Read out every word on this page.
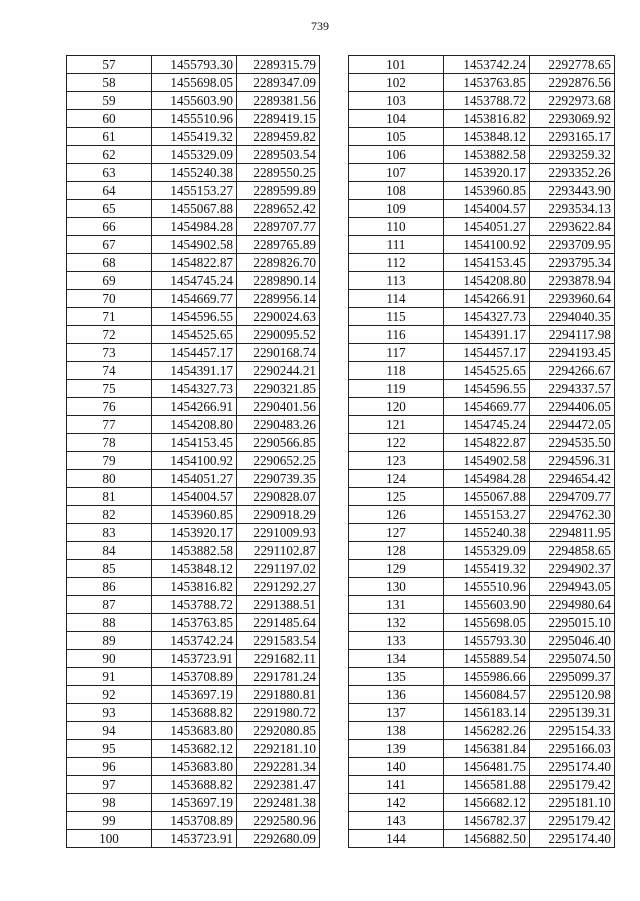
739
57	1455793.30	2289315.79
58	1455698.05	2289347.09
59	1455603.90	2289381.56
60	1455510.96	2289419.15
61	1455419.32	2289459.82
62	1455329.09	2289503.54
63	1455240.38	2289550.25
64	1455153.27	2289599.89
65	1455067.88	2289652.42
66	1454984.28	2289707.77
67	1454902.58	2289765.89
68	1454822.87	2289826.70
69	1454745.24	2289890.14
70	1454669.77	2289956.14
71	1454596.55	2290024.63
72	1454525.65	2290095.52
73	1454457.17	2290168.74
74	1454391.17	2290244.21
75	1454327.73	2290321.85
76	1454266.91	2290401.56
77	1454208.80	2290483.26
78	1454153.45	2290566.85
79	1454100.92	2290652.25
80	1454051.27	2290739.35
81	1454004.57	2290828.07
82	1453960.85	2290918.29
83	1453920.17	2291009.93
84	1453882.58	2291102.87
85	1453848.12	2291197.02
86	1453816.82	2291292.27
87	1453788.72	2291388.51
88	1453763.85	2291485.64
89	1453742.24	2291583.54
90	1453723.91	2291682.11
91	1453708.89	2291781.24
92	1453697.19	2291880.81
93	1453688.82	2291980.72
94	1453683.80	2292080.85
95	1453682.12	2292181.10
96	1453683.80	2292281.34
97	1453688.82	2292381.47
98	1453697.19	2292481.38
99	1453708.89	2292580.96
100	1453723.91	2292680.09
101	1453742.24	2292778.65
102	1453763.85	2292876.56
103	1453788.72	2292973.68
104	1453816.82	2293069.92
105	1453848.12	2293165.17
106	1453882.58	2293259.32
107	1453920.17	2293352.26
108	1453960.85	2293443.90
109	1454004.57	2293534.13
110	1454051.27	2293622.84
111	1454100.92	2293709.95
112	1454153.45	2293795.34
113	1454208.80	2293878.94
114	1454266.91	2293960.64
115	1454327.73	2294040.35
116	1454391.17	2294117.98
117	1454457.17	2294193.45
118	1454525.65	2294266.67
119	1454596.55	2294337.57
120	1454669.77	2294406.05
121	1454745.24	2294472.05
122	1454822.87	2294535.50
123	1454902.58	2294596.31
124	1454984.28	2294654.42
125	1455067.88	2294709.77
126	1455153.27	2294762.30
127	1455240.38	2294811.95
128	1455329.09	2294858.65
129	1455419.32	2294902.37
130	1455510.96	2294943.05
131	1455603.90	2294980.64
132	1455698.05	2295015.10
133	1455793.30	2295046.40
134	1455889.54	2295074.50
135	1455986.66	2295099.37
136	1456084.57	2295120.98
137	1456183.14	2295139.31
138	1456282.26	2295154.33
139	1456381.84	2295166.03
140	1456481.75	2295174.40
141	1456581.88	2295179.42
142	1456682.12	2295181.10
143	1456782.37	2295179.42
144	1456882.50	2295174.40
